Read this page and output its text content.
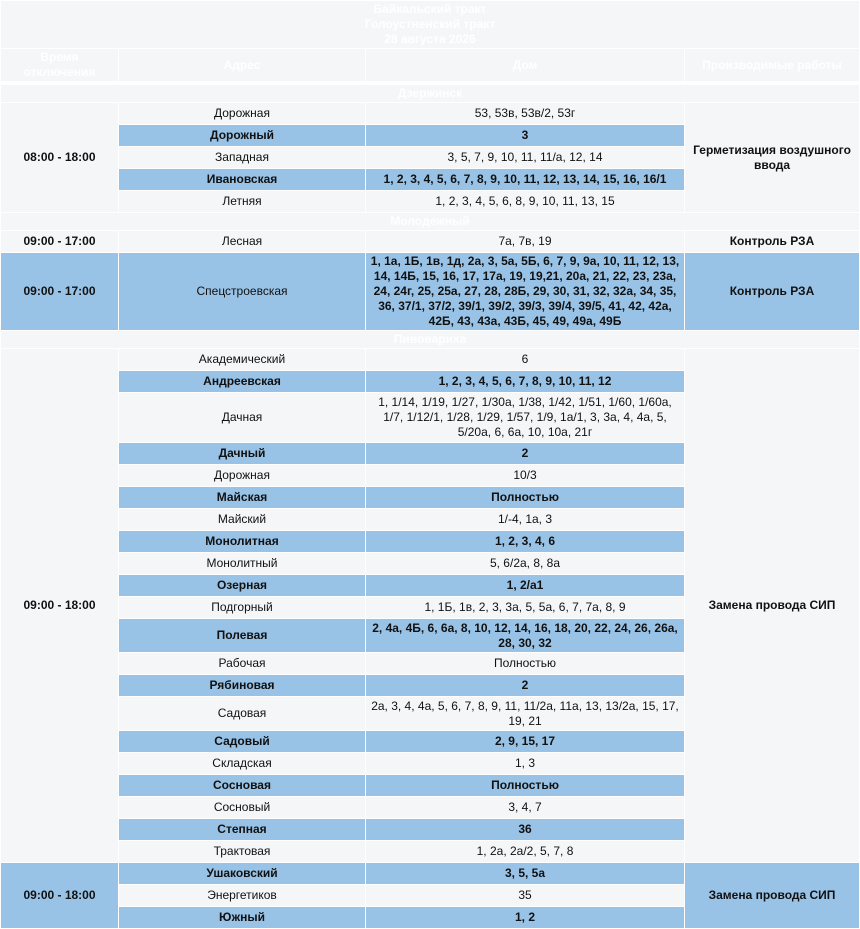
Байкальский тракт
Голоустненский тракт
28 августа 2026			

Время отключения	Адрес	Дом	Производимые работы

Дзержинск			
08:00 - 18:00	Дорожная	53, 53в, 53в/2, 53г	Герметизация воздушного ввода
	Дорожный	3	
	Западная	3, 5, 7, 9, 10, 11, 11/а, 12, 14	
	Ивановская	1, 2, 3, 4, 5, 6, 7, 8, 9, 10, 11, 12, 13, 14, 15, 16, 16/1	
	Летняя	1, 2, 3, 4, 5, 6, 8, 9, 10, 11, 13, 15	
Молодежный			
09:00 - 17:00	Лесная	7а, 7в, 19	Контроль РЗА
09:00 - 17:00	Спецстроевская	1, 1а, 1Б, 1в, 1д, 2а, 3, 5а, 5Б, 6, 7, 9, 9а, 10, 11, 12, 13, 14, 14Б, 15, 16, 17, 17а, 19, 19,21, 20а, 21, 22, 23, 23а, 24, 24г, 25, 25а, 27, 28, 28Б, 29, 30, 31, 32, 32а, 34, 35, 36, 37/1, 37/2, 39/1, 39/2, 39/3, 39/4, 39/5, 41, 42, 42а, 42Б, 43, 43а, 43Б, 45, 49, 49а, 49Б	Контроль РЗА
Пивовариха			
09:00 - 18:00	Академический	6	Замена провода СИП
	Андреевская	1, 2, 3, 4, 5, 6, 7, 8, 9, 10, 11, 12	
	Дачная	1, 1/14, 1/19, 1/27, 1/30а, 1/38, 1/42, 1/51, 1/60, 1/60а, 1/7, 1/12/1, 1/28, 1/29, 1/57, 1/9, 1а/1, 3, 3а, 4, 4а, 5, 5/20а, 6, 6а, 10, 10а, 21г	
	Дачный	2	
	Дорожная	10/3	
	Майская	Полностью	
	Майский	1/-4, 1а, 3	
	Монолитная	1, 2, 3, 4, 6	
	Монолитный	5, 6/2а, 8, 8а	
	Озерная	1, 2/а1	
	Подгорный	1, 1Б, 1в, 2, 3, 3а, 5, 5а, 6, 7, 7а, 8, 9	
	Полевая	2, 4а, 4Б, 6, 6а, 8, 10, 12, 14, 16, 18, 20, 22, 24, 26, 26а, 28, 30, 32	
	Рабочая	Полностью	
	Рябиновая	2	
	Садовая	2а, 3, 4, 4а, 5, 6, 7, 8, 9, 11, 11/2а, 11а, 13, 13/2а, 15, 17, 19, 21	
	Садовый	2, 9, 15, 17	
	Складская	1, 3	
	Сосновая	Полностью	
	Сосновый	3, 4, 7	
	Степная	36	
	Трактовая	1, 2а, 2а/2, 5, 7, 8	
09:00 - 18:00	Ушаковский	3, 5, 5а	Замена провода СИП
	Энергетиков	35	
	Южный	1, 2	
